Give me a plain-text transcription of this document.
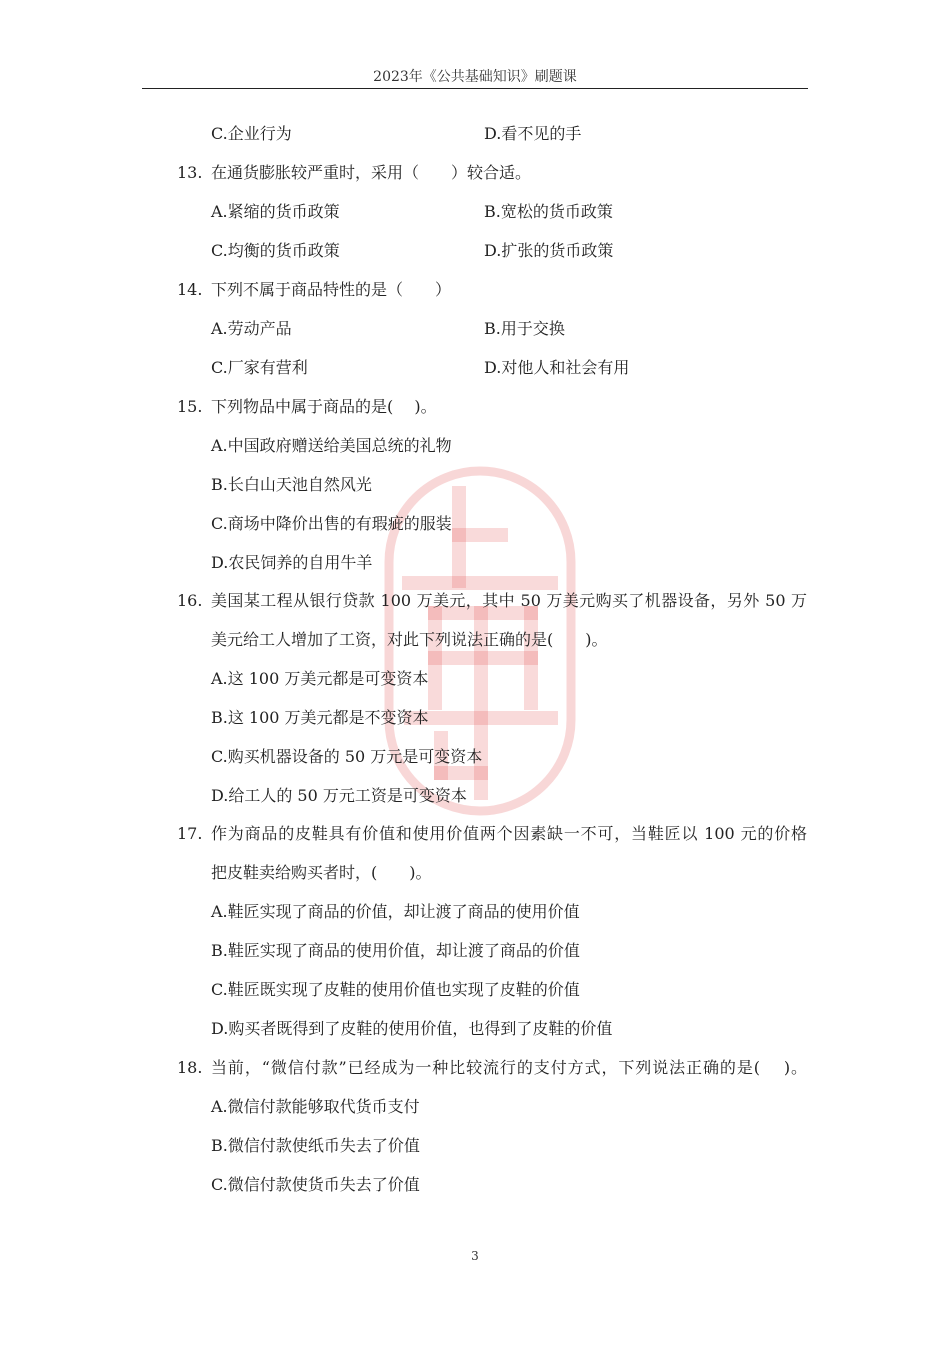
2023年《公共基础知识》刷题课
C.企业行为	D.看不见的手
13. 在通货膨胀较严重时，采用（　　）较合适。
A.紧缩的货币政策	B.宽松的货币政策
C.均衡的货币政策	D.扩张的货币政策
14. 下列不属于商品特性的是（　　）
A.劳动产品	B.用于交换
C.厂家有营利	D.对他人和社会有用
15. 下列物品中属于商品的是(　 )。
A.中国政府赠送给美国总统的礼物
B.长白山天池自然风光
C.商场中降价出售的有瑕疵的服装
D.农民饲养的自用牛羊
16. 美国某工程从银行贷款 100 万美元，其中 50 万美元购买了机器设备，另外 50 万
美元给工人增加了工资，对此下列说法正确的是(　　)。
A.这 100 万美元都是可变资本
B.这 100 万美元都是不变资本
C.购买机器设备的 50 万元是可变资本
D.给工人的 50 万元工资是可变资本
17. 作为商品的皮鞋具有价值和使用价值两个因素缺一不可，当鞋匠以 100 元的价格
把皮鞋卖给购买者时，(　　)。
A.鞋匠实现了商品的价值，却让渡了商品的使用价值
B.鞋匠实现了商品的使用价值，却让渡了商品的价值
C.鞋匠既实现了皮鞋的使用价值也实现了皮鞋的价值
D.购买者既得到了皮鞋的使用价值，也得到了皮鞋的价值
18. 当前，“微信付款”已经成为一种比较流行的支付方式，下列说法正确的是(　 )。
A.微信付款能够取代货币支付
B.微信付款使纸币失去了价值
C.微信付款使货币失去了价值
3
